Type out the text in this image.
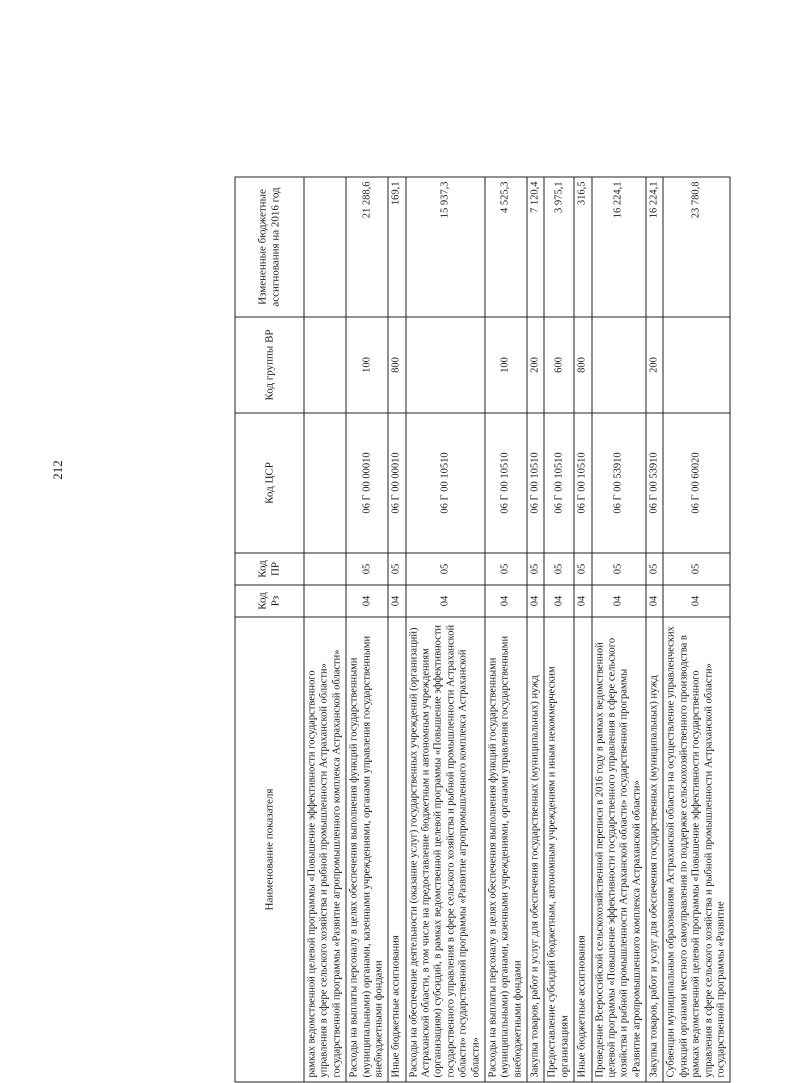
212
Наименование показателя	Код Рз	Код ПР	Код ЦСР	Код группы ВР	Измененные бюджетные ассигнования на 2016 год
рамках ведомственной целевой программы «Повышение эффективности государственного управления в сфере сельского хозяйства и рыбной промышленности Астраханской области» государственной программы «Развитие агропромышленного комплекса Астраханской области»					
Расходы на выплаты персоналу в целях обеспечения выполнения функций государственными (муниципальными) органами, казенными учреждениями, органами управления государственными внебюджетными фондами	04	05	06 Г 00 00010	100	21 288,6
Иные бюджетные ассигнования	04	05	06 Г 00 00010	800	169,1
Расходы на обеспечение деятельности (оказание услуг) государственных учреждений (организаций) Астраханской области, в том числе на предоставление бюджетным и автономным учреждениям (организациям) субсидий, в рамках ведомственной целевой программы «Повышение эффективности государственного управления в сфере сельского хозяйства и рыбной промышленности Астраханской области» государственной программы «Развитие агропромышленного комплекса Астраханской области»	04	05	06 Г 00 10510		15 937,3
Расходы на выплаты персоналу в целях обеспечения выполнения функций государственными (муниципальными) органами, казенными учреждениями, органами управления государственными внебюджетными фондами	04	05	06 Г 00 10510	100	4 525,3
Закупка товаров, работ и услуг для обеспечения государственных (муниципальных) нужд	04	05	06 Г 00 10510	200	7 120,4
Предоставление субсидий бюджетным, автономным учреждениям и иным некоммерческим организациям	04	05	06 Г 00 10510	600	3 975,1
Иные бюджетные ассигнования	04	05	06 Г 00 10510	800	316,5
Проведение Всероссийской сельскохозяйственной переписи в 2016 году в рамках ведомственной целевой программы «Повышение эффективности государственного управления в сфере сельского хозяйства и рыбной промышленности Астраханской области» государственной программы «Развитие агропромышленного комплекса Астраханской области»	04	05	06 Г 00 53910		16 224,1
Закупка товаров, работ и услуг для обеспечения государственных (муниципальных) нужд	04	05	06 Г 00 53910	200	16 224,1
Субвенции муниципальным образованиям Астраханской области на осуществление управленческих функций органами местного самоуправления по поддержке сельскохозяйственного производства в рамках ведомственной целевой программы «Повышение эффективности государственного управления в сфере сельского хозяйства и рыбной промышленности Астраханской области» государственной программы «Развитие	04	05	06 Г 00 60020		23 780,8
